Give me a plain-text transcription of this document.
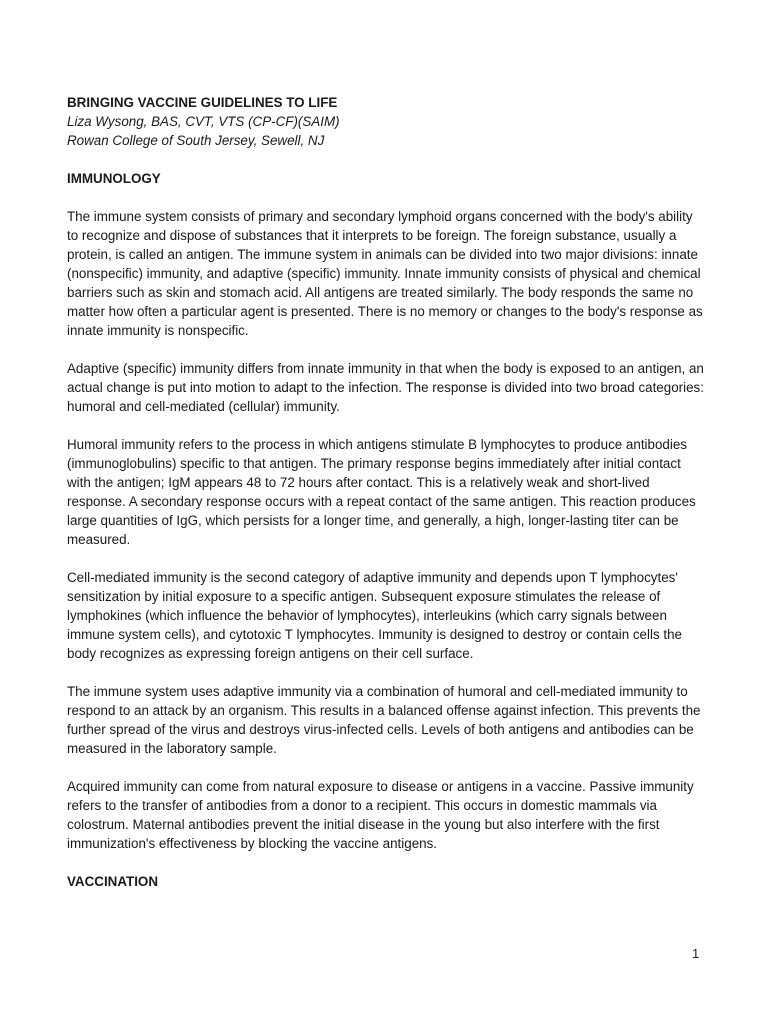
BRINGING VACCINE GUIDELINES TO LIFE

Liza Wysong, BAS, CVT, VTS (CP-CF)(SAIM)

Rowan College of South Jersey, Sewell, NJ

IMMUNOLOGY

The immune system consists of primary and secondary lymphoid organs concerned with the body's ability to recognize and dispose of substances that it interprets to be foreign. The foreign substance, usually a protein, is called an antigen. The immune system in animals can be divided into two major divisions: innate (nonspecific) immunity, and adaptive (specific) immunity. Innate immunity consists of physical and chemical barriers such as skin and stomach acid. All antigens are treated similarly. The body responds the same no matter how often a particular agent is presented. There is no memory or changes to the body's response as innate immunity is nonspecific.

Adaptive (specific) immunity differs from innate immunity in that when the body is exposed to an antigen, an actual change is put into motion to adapt to the infection. The response is divided into two broad categories: humoral and cell-mediated (cellular) immunity.

Humoral immunity refers to the process in which antigens stimulate B lymphocytes to produce antibodies (immunoglobulins) specific to that antigen. The primary response begins immediately after initial contact with the antigen; IgM appears 48 to 72 hours after contact. This is a relatively weak and short-lived response. A secondary response occurs with a repeat contact of the same antigen. This reaction produces large quantities of IgG, which persists for a longer time, and generally, a high, longer-lasting titer can be measured.

Cell-mediated immunity is the second category of adaptive immunity and depends upon T lymphocytes' sensitization by initial exposure to a specific antigen. Subsequent exposure stimulates the release of lymphokines (which influence the behavior of lymphocytes), interleukins (which carry signals between immune system cells), and cytotoxic T lymphocytes. Immunity is designed to destroy or contain cells the body recognizes as expressing foreign antigens on their cell surface.

The immune system uses adaptive immunity via a combination of humoral and cell-mediated immunity to respond to an attack by an organism. This results in a balanced offense against infection. This prevents the further spread of the virus and destroys virus-infected cells. Levels of both antigens and antibodies can be measured in the laboratory sample.

Acquired immunity can come from natural exposure to disease or antigens in a vaccine. Passive immunity refers to the transfer of antibodies from a donor to a recipient. This occurs in domestic mammals via colostrum. Maternal antibodies prevent the initial disease in the young but also interfere with the first immunization's effectiveness by blocking the vaccine antigens.

VACCINATION

1
